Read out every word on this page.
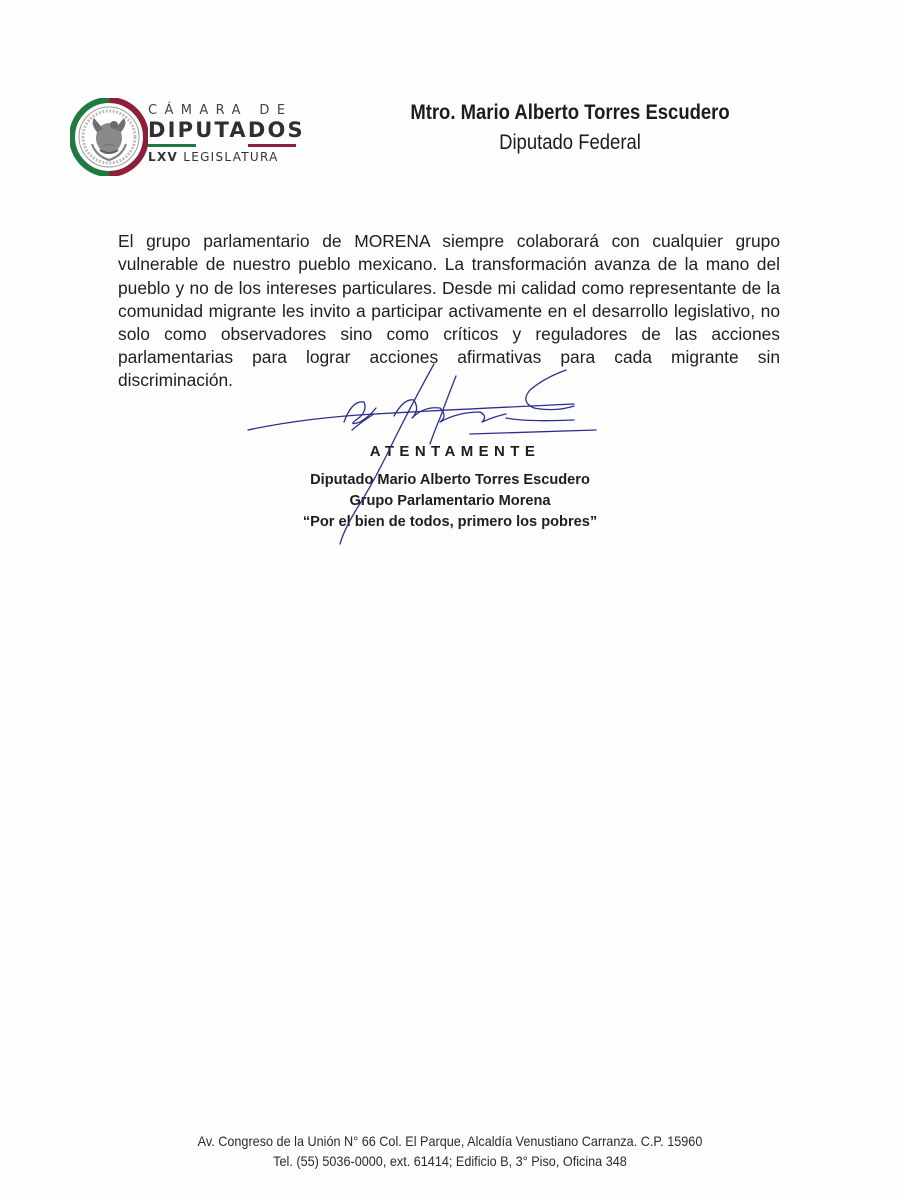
CÁMARA DE
DIPUTADOS
LXV LEGISLATURA
Mtro. Mario Alberto Torres Escudero
Diputado Federal

El grupo parlamentario de MORENA siempre colaborará con cualquier grupo vulnerable de nuestro pueblo mexicano. La transformación avanza de la mano del pueblo y no de los intereses particulares. Desde mi calidad como representante de la comunidad migrante les invito a participar activamente en el desarrollo legislativo, no solo como observadores sino como críticos y reguladores de las acciones parlamentarias para lograr acciones afirmativas para cada migrante sin discriminación.

ATENTAMENTE
Diputado Mario Alberto Torres Escudero
Grupo Parlamentario Morena
“Por el bien de todos, primero los pobres”
Av. Congreso de la Unión N° 66 Col. El Parque, Alcaldía Venustiano Carranza. C.P. 15960
Tel. (55) 5036-0000, ext. 61414; Edificio B, 3° Piso, Oficina 348
